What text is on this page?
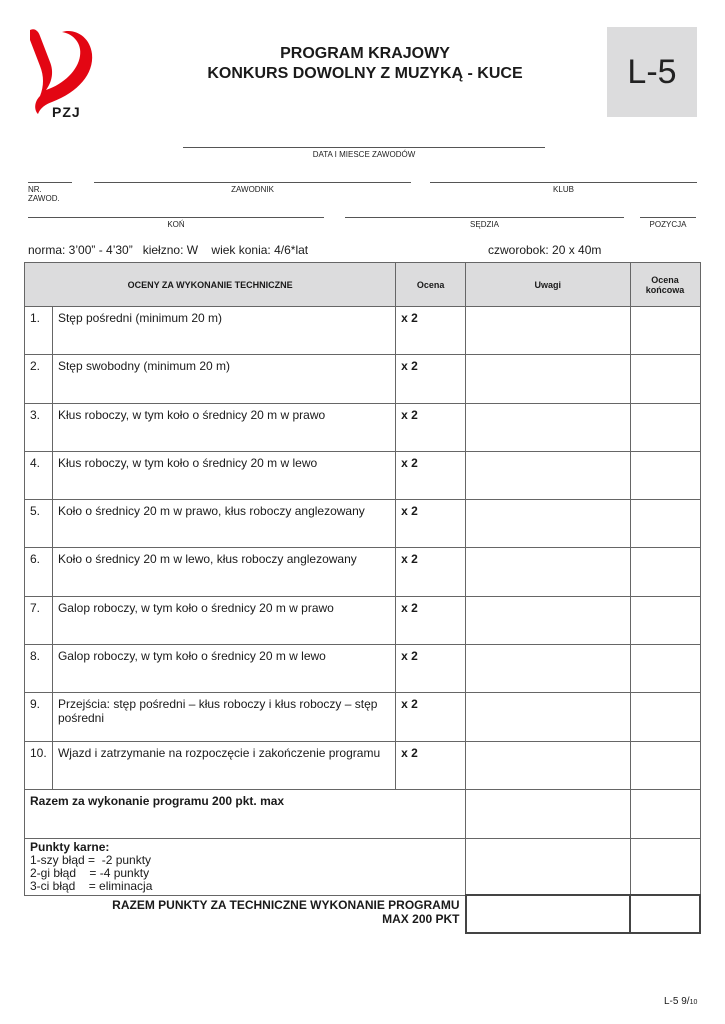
PZJ
PROGRAM KRAJOWY
KONKURS DOWOLNY Z MUZYKĄ - KUCE	L-5
DATA I MIESCE ZAWODÓW
NR. ZAWOD.
ZAWODNIK	KLUB
KOŃ	SĘDZIA	POZYCJA
norma: 3’00” - 4’30”   kiełzno: W    wiek konia: 4/6*lat	czworobok: 20 x 40m
OCENY ZA WYKONANIE TECHNICZNE		Ocena	Uwagi	Ocena
końcowa

1.	Stęp pośredni (minimum 20 m)	x 2		
2.	Stęp swobodny (minimum 20 m)	x 2		
3.	Kłus roboczy, w tym koło o średnicy 20 m w prawo	x 2		
4.	Kłus roboczy, w tym koło o średnicy 20 m w lewo	x 2		
5.	Koło o średnicy 20 m w prawo, kłus roboczy anglezowany	x 2		
6.	Koło o średnicy 20 m w lewo, kłus roboczy anglezowany	x 2		
7.	Galop roboczy, w tym koło o średnicy 20 m w prawo	x 2		
8.	Galop roboczy, w tym koło o średnicy 20 m w lewo	x 2		
9.	Przejścia: stęp pośredni – kłus roboczy i kłus roboczy – stęp pośredni	x 2		
10.	Wjazd i zatrzymanie na rozpoczęcie i zakończenie programu	x 2		
Razem za wykonanie programu 200 pkt. max				

Punkty karne:
1-szy błąd =  -2 punkty
2-gi błąd    = -4 punkty
3-ci błąd    = eliminacja				

RAZEM PUNKTY ZA TECHNICZNE WYKONANIE PROGRAMU
MAX 200 PKT				

L-5 9/10
